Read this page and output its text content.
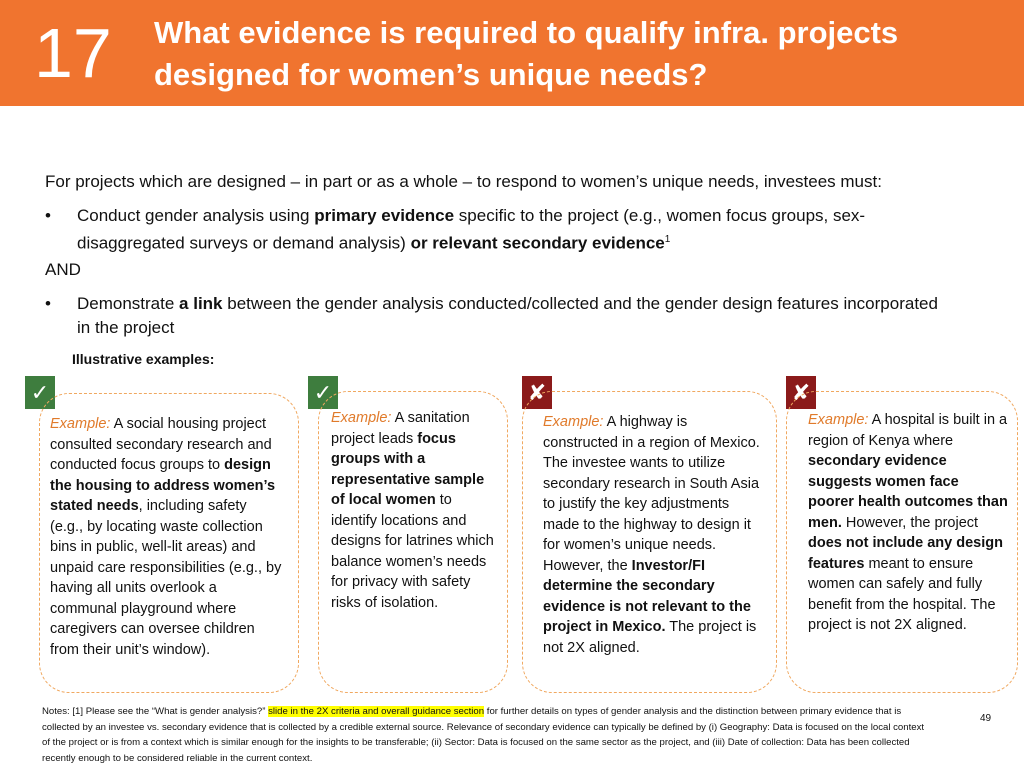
17 What evidence is required to qualify infra. projects designed for women’s unique needs?
For projects which are designed – in part or as a whole – to respond to women’s unique needs, investees must:
• Conduct gender analysis using primary evidence specific to the project (e.g., women focus groups, sex-disaggregated surveys or demand analysis) or relevant secondary evidence$^1$
AND
• Demonstrate a link between the gender analysis conducted/collected and the gender design features incorporated in the project
Illustrative examples:
✓	✓	✘	✘
Example: A social housing project consulted secondary research and conducted focus groups to design the housing to address women’s stated needs, including safety (e.g., by locating waste collection bins in public, well-lit areas) and unpaid care responsibilities (e.g., by having all units overlook a communal playground where caregivers can oversee children from their unit’s window).
Example: A sanitation project leads focus groups with a representative sample of local women to identify locations and designs for latrines which balance women’s needs for privacy with safety risks of isolation.
Example: A highway is constructed in a region of Mexico. The investee wants to utilize secondary research in South Asia to justify the key adjustments made to the highway to design it for women’s unique needs. However, the Investor/FI determine the secondary evidence is not relevant to the project in Mexico. The project is not 2X aligned.
Example: A hospital is built in a region of Kenya where secondary evidence suggests women face poorer health outcomes than men. However, the project does not include any design features meant to ensure women can safely and fully benefit from the hospital. The project is not 2X aligned.
Notes: [1] Please see the “What is gender analysis?” slide in the 2X criteria and overall guidance section for further details on types of gender analysis and the distinction between primary evidence that is collected by an investee vs. secondary evidence that is collected by a credible external source. Relevance of secondary evidence can typically be defined by (i) Geography: Data is focused on the local context of the project or is from a context which is similar enough for the insights to be transferable; (ii) Sector: Data is focused on the same sector as the project, and (iii) Date of collection: Data has been collected recently enough to be considered reliable in the current context.
49
